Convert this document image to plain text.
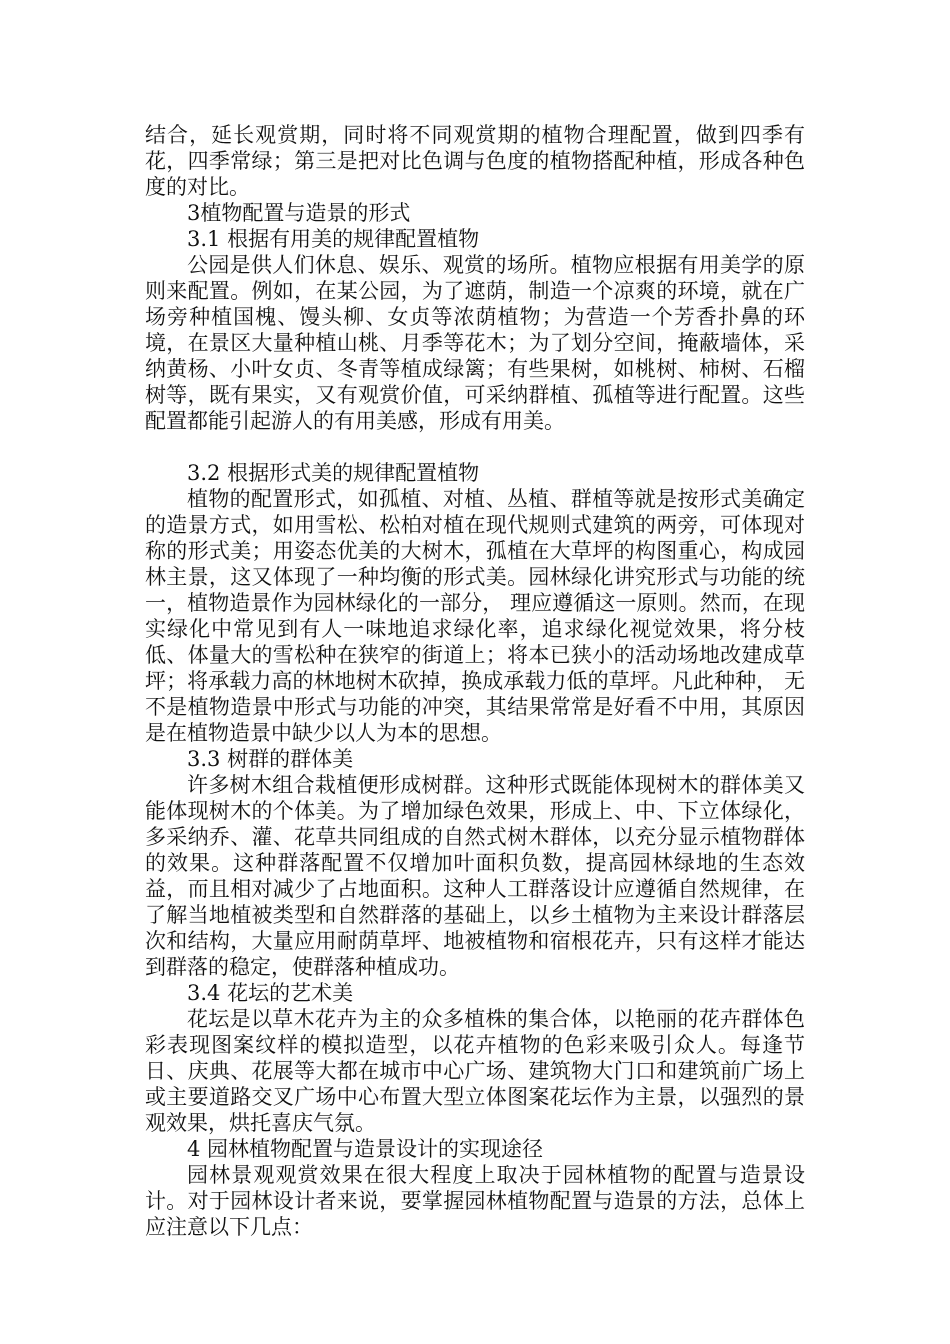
结合，延长观赏期，同时将不同观赏期的植物合理配置，做到四季有花，四季常绿；第三是把对比色调与色度的植物搭配种植，形成各种色度的对比。

3植物配置与造景的形式

3.1 根据有用美的规律配置植物

公园是供人们休息、娱乐、观赏的场所。植物应根据有用美学的原则来配置。例如，在某公园，为了遮荫，制造一个凉爽的环境，就在广场旁种植国槐、馒头柳、女贞等浓荫植物；为营造一个芳香扑鼻的环境，在景区大量种植山桃、月季等花木；为了划分空间，掩蔽墙体，采纳黄杨、小叶女贞、冬青等植成绿篱；有些果树，如桃树、柿树、石榴树等，既有果实，又有观赏价值，可采纳群植、孤植等进行配置。这些配置都能引起游人的有用美感，形成有用美。

3.2 根据形式美的规律配置植物

植物的配置形式，如孤植、对植、丛植、群植等就是按形式美确定的造景方式，如用雪松、松柏对植在现代规则式建筑的两旁，可体现对称的形式美；用姿态优美的大树木，孤植在大草坪的构图重心，构成园林主景，这又体现了一种均衡的形式美。园林绿化讲究形式与功能的统一，植物造景作为园林绿化的一部分， 理应遵循这一原则。然而，在现实绿化中常见到有人一味地追求绿化率，追求绿化视觉效果，将分枝低、体量大的雪松种在狭窄的街道上；将本已狭小的活动场地改建成草坪；将承载力高的林地树木砍掉，换成承载力低的草坪。凡此种种， 无不是植物造景中形式与功能的冲突，其结果常常是好看不中用，其原因是在植物造景中缺少以人为本的思想。

3.3 树群的群体美

许多树木组合栽植便形成树群。这种形式既能体现树木的群体美又能体现树木的个体美。为了增加绿色效果，形成上、中、下立体绿化，多采纳乔、灌、花草共同组成的自然式树木群体，以充分显示植物群体的效果。这种群落配置不仅增加叶面积负数，提高园林绿地的生态效益，而且相对减少了占地面积。这种人工群落设计应遵循自然规律，在了解当地植被类型和自然群落的基础上，以乡土植物为主来设计群落层次和结构，大量应用耐荫草坪、地被植物和宿根花卉，只有这样才能达到群落的稳定，使群落种植成功。

3.4 花坛的艺术美

花坛是以草木花卉为主的众多植株的集合体，以艳丽的花卉群体色彩表现图案纹样的模拟造型，以花卉植物的色彩来吸引众人。每逢节日、庆典、花展等大都在城市中心广场、建筑物大门口和建筑前广场上或主要道路交叉广场中心布置大型立体图案花坛作为主景，以强烈的景观效果，烘托喜庆气氛。

4 园林植物配置与造景设计的实现途径

园林景观观赏效果在很大程度上取决于园林植物的配置与造景设计。对于园林设计者来说，要掌握园林植物配置与造景的方法，总体上应注意以下几点：
